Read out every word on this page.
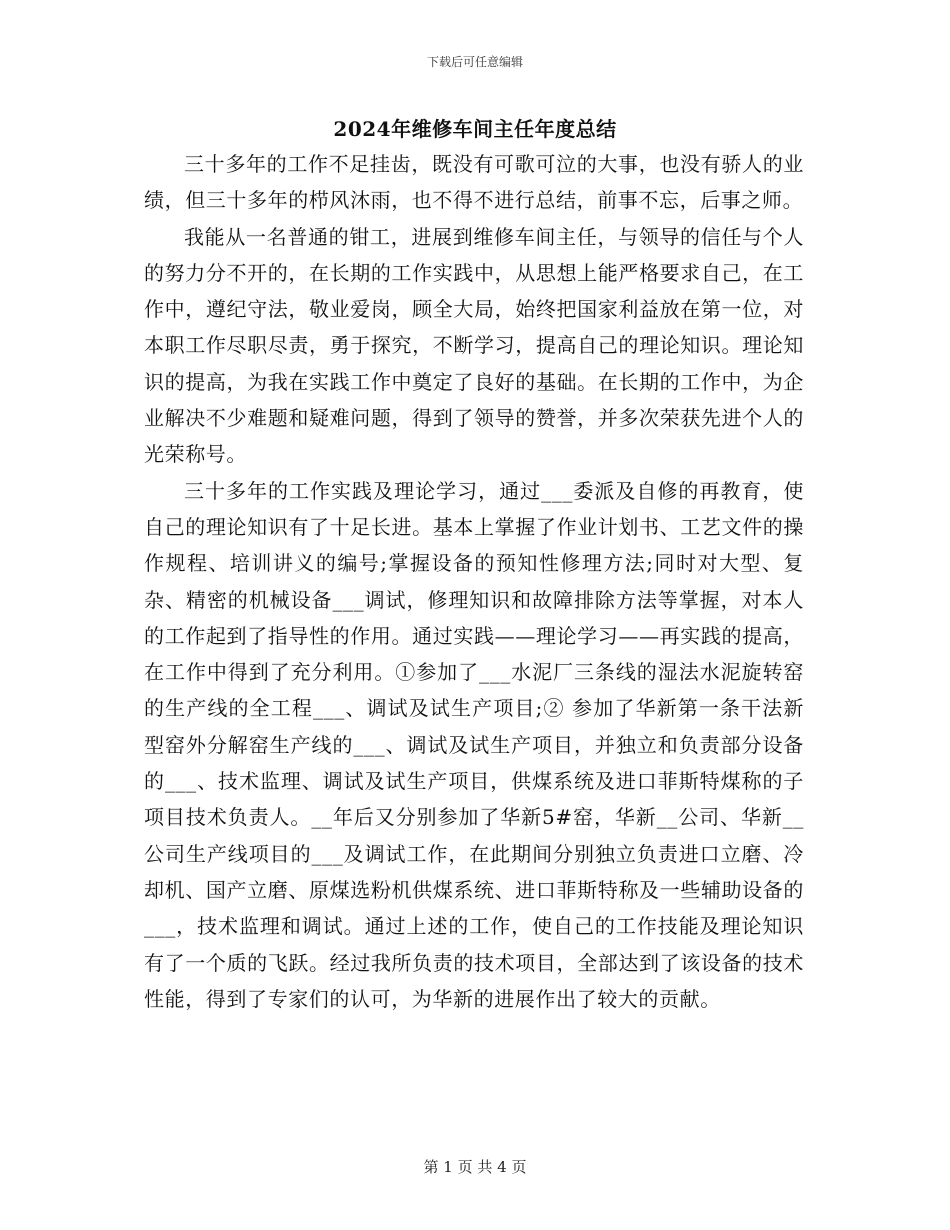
下载后可任意编辑
2024年维修车间主任年度总结

三十多年的工作不足挂齿，既没有可歌可泣的大事，也没有骄人的业绩，但三十多年的栉风沐雨，也不得不进行总结，前事不忘，后事之师。

我能从一名普通的钳工，进展到维修车间主任，与领导的信任与个人的努力分不开的，在长期的工作实践中，从思想上能严格要求自己，在工作中，遵纪守法，敬业爱岗，顾全大局，始终把国家利益放在第一位，对本职工作尽职尽责，勇于探究，不断学习，提高自己的理论知识。理论知识的提高，为我在实践工作中奠定了良好的基础。在长期的工作中，为企业解决不少难题和疑难问题，得到了领导的赞誉，并多次荣获先进个人的光荣称号。

三十多年的工作实践及理论学习，通过___委派及自修的再教育，使自己的理论知识有了十足长进。基本上掌握了作业计划书、工艺文件的操作规程、培训讲义的编号;掌握设备的预知性修理方法;同时对大型、复杂、精密的机械设备___调试，修理知识和故障排除方法等掌握，对本人的工作起到了指导性的作用。通过实践——理论学习——再实践的提高，在工作中得到了充分利用。①参加了___水泥厂三条线的湿法水泥旋转窑的生产线的全工程___、调试及试生产项目;② 参加了华新第一条干法新型窑外分解窑生产线的___、调试及试生产项目，并独立和负责部分设备的___、技术监理、调试及试生产项目，供煤系统及进口菲斯特煤称的子项目技术负责人。__年后又分别参加了华新5#窑，华新__公司、华新__公司生产线项目的___及调试工作，在此期间分别独立负责进口立磨、冷却机、国产立磨、原煤选粉机供煤系统、进口菲斯特称及一些辅助设备的___，技术监理和调试。通过上述的工作，使自己的工作技能及理论知识有了一个质的飞跃。经过我所负责的技术项目，全部达到了该设备的技术性能，得到了专家们的认可，为华新的进展作出了较大的贡献。

第 1 页 共 4 页
